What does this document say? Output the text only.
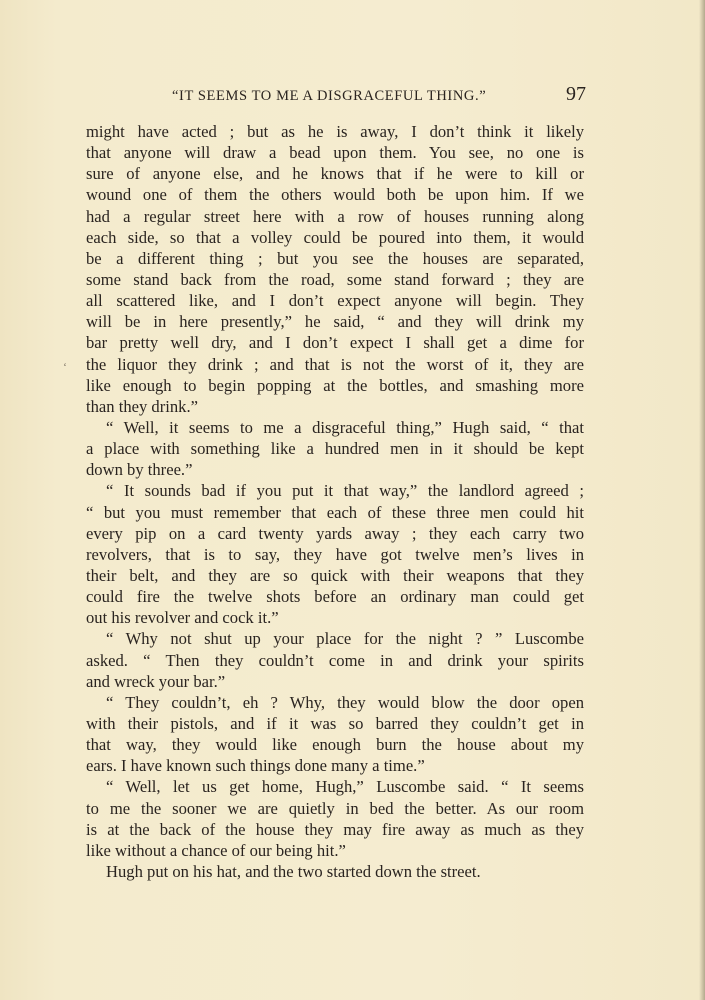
“IT SEEMS TO ME A DISGRACEFUL THING.”	97
‘
might have acted ; but as he is away, I don’t think it likely
that anyone will draw a bead upon them. You see, no one is
sure of anyone else, and he knows that if he were to kill or
wound one of them the others would both be upon him. If we
had a regular street here with a row of houses running along
each side, so that a volley could be poured into them, it would
be a different thing ; but you see the houses are separated,
some stand back from the road, some stand forward ; they are
all scattered like, and I don’t expect anyone will begin. They
will be in here presently,” he said, “ and they will drink my
bar pretty well dry, and I don’t expect I shall get a dime for
the liquor they drink ; and that is not the worst of it, they are
like enough to begin popping at the bottles, and smashing more
than they drink.”
“ Well, it seems to me a disgraceful thing,” Hugh said, “ that
a place with something like a hundred men in it should be kept
down by three.”
“ It sounds bad if you put it that way,” the landlord agreed ;
“ but you must remember that each of these three men could hit
every pip on a card twenty yards away ; they each carry two
revolvers, that is to say, they have got twelve men’s lives in
their belt, and they are so quick with their weapons that they
could fire the twelve shots before an ordinary man could get
out his revolver and cock it.”
“ Why not shut up your place for the night ? ” Luscombe
asked. “ Then they couldn’t come in and drink your spirits
and wreck your bar.”
“ They couldn’t, eh ? Why, they would blow the door open
with their pistols, and if it was so barred they couldn’t get in
that way, they would like enough burn the house about my
ears. I have known such things done many a time.”
“ Well, let us get home, Hugh,” Luscombe said. “ It seems
to me the sooner we are quietly in bed the better. As our room
is at the back of the house they may fire away as much as they
like without a chance of our being hit.”
Hugh put on his hat, and the two started down the street.
